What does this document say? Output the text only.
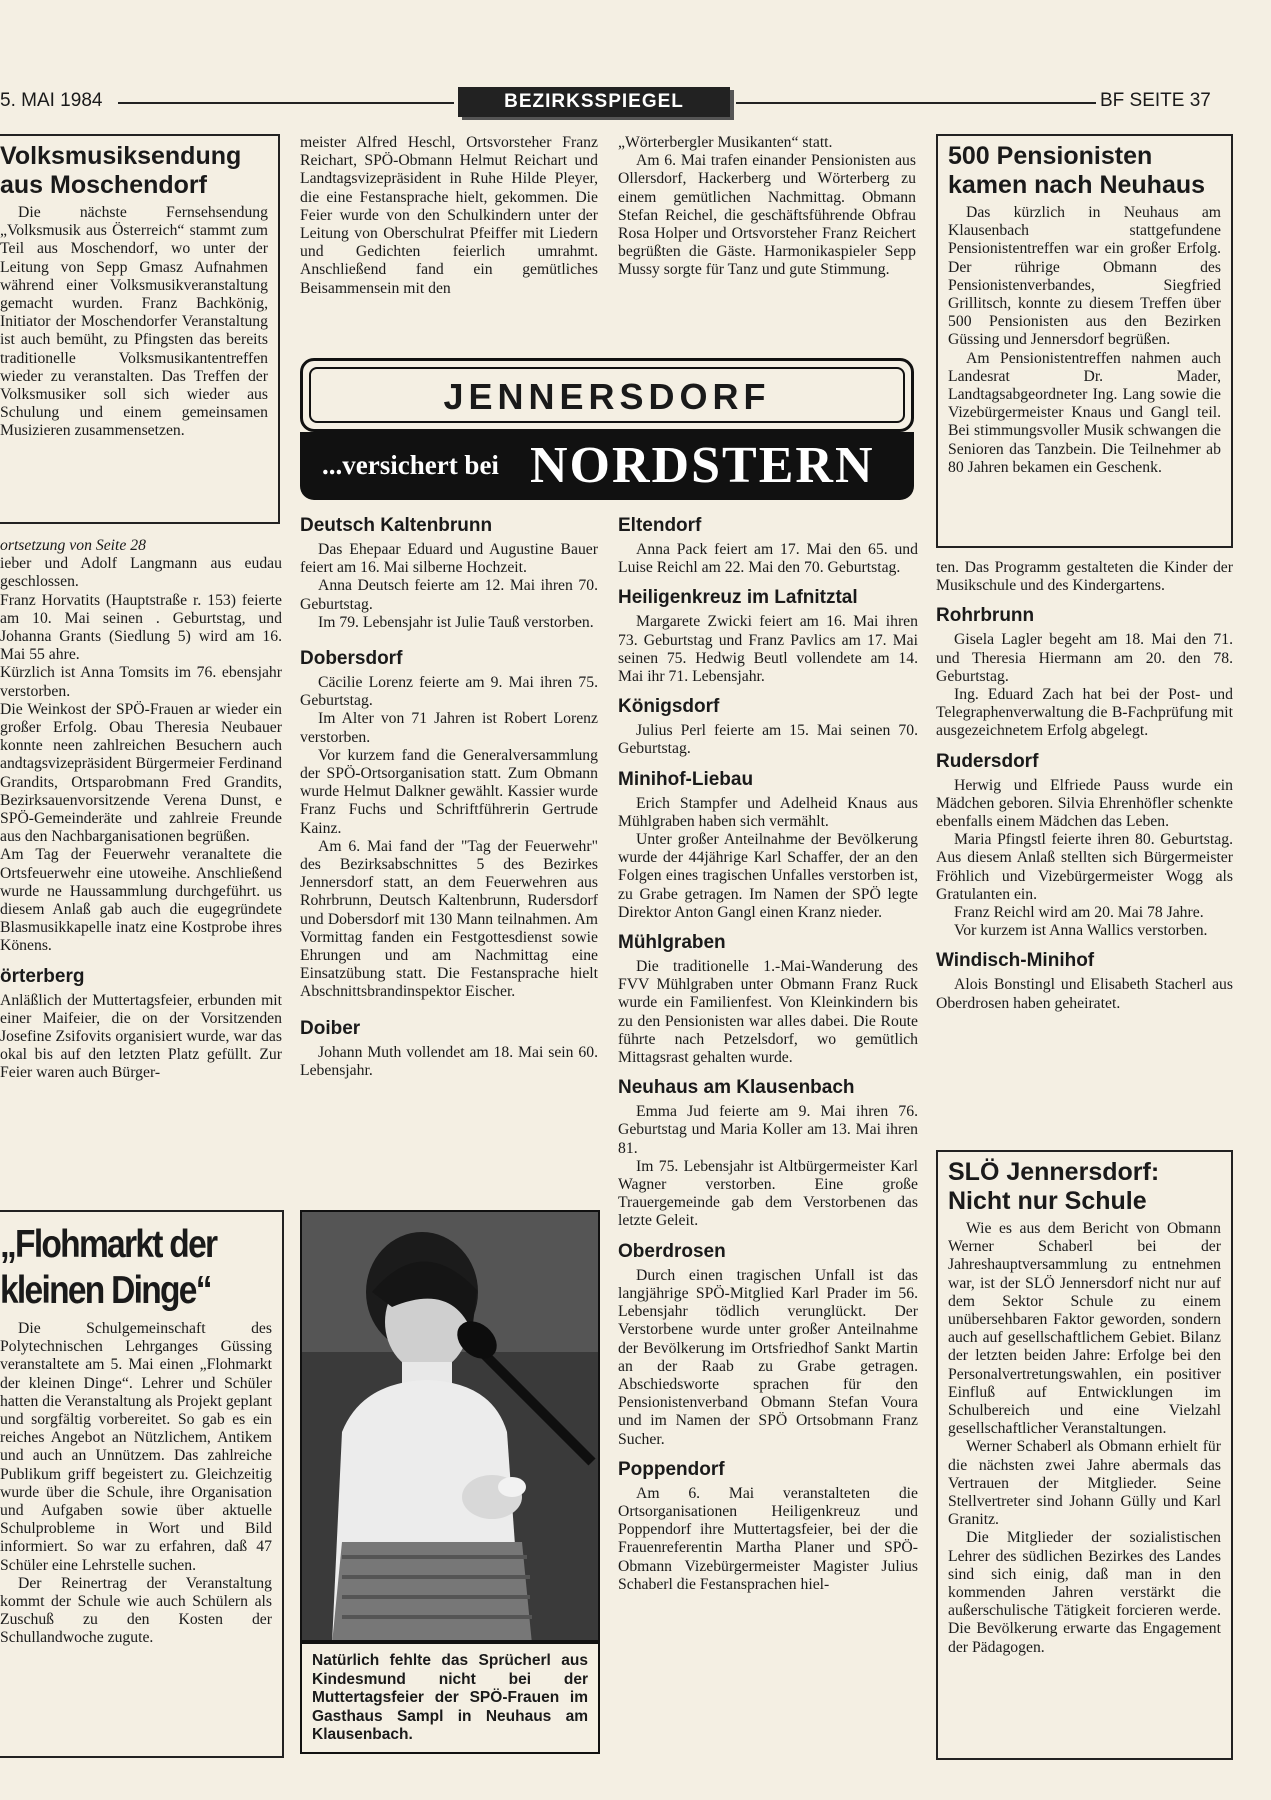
5. MAI 1984	BEZIRKSSPIEGEL	BF SEITE 37
Volksmusiksendung
aus Moschendorf

Die nächste Fernsehsendung „Volksmusik aus Österreich“ stammt zum Teil aus Moschendorf, wo unter der Leitung von Sepp Gmasz Aufnahmen während einer Volksmusikveranstaltung gemacht wurden. Franz Bachkönig, Initiator der Moschendorfer Veranstaltung ist auch bemüht, zu Pfingsten das bereits traditionelle Volksmusikantentreffen wieder zu veranstalten. Das Treffen der Volksmusiker soll sich wieder aus Schulung und einem gemeinsamen Musizieren zusammensetzen.

ortsetzung von Seite 28

ieber und Adolf Langmann aus eudau geschlossen.

Franz Horvatits (Hauptstraße r. 153) feierte am 10. Mai seinen . Geburtstag, und Johanna Grants (Siedlung 5) wird am 16. Mai 55 ahre.

Kürzlich ist Anna Tomsits im 76. ebensjahr verstorben.

Die Weinkost der SPÖ-Frauen ar wieder ein großer Erfolg. Obau Theresia Neubauer konnte neen zahlreichen Besuchern auch andtagsvizepräsident Bürgermeier Ferdinand Grandits, Ortsparobmann Fred Grandits, Bezirksauenvorsitzende Verena Dunst, e SPÖ-Gemeinderäte und zahlreie Freunde aus den Nachbarganisationen begrüßen.

Am Tag der Feuerwehr veranaltete die Ortsfeuerwehr eine utoweihe. Anschließend wurde ne Haussammlung durchgeführt. us diesem Anlaß gab auch die eugegründete Blasmusikkapelle inatz eine Kostprobe ihres Könens.

örterberg

Anläßlich der Muttertagsfeier, erbunden mit einer Maifeier, die on der Vorsitzenden Josefine Zsifovits organisiert wurde, war das okal bis auf den letzten Platz gefüllt. Zur Feier waren auch Bürger-

„Flohmarkt der
kleinen Dinge“

Die Schulgemeinschaft des Polytechnischen Lehrganges Güssing veranstaltete am 5. Mai einen „Flohmarkt der kleinen Dinge“. Lehrer und Schüler hatten die Veranstaltung als Projekt geplant und sorgfältig vorbereitet. So gab es ein reiches Angebot an Nützlichem, Antikem und auch an Unnützem. Das zahlreiche Publikum griff begeistert zu. Gleichzeitig wurde über die Schule, ihre Organisation und Aufgaben sowie über aktuelle Schulprobleme in Wort und Bild informiert. So war zu erfahren, daß 47 Schüler eine Lehrstelle suchen.

Der Reinertrag der Veranstaltung kommt der Schule wie auch Schülern als Zuschuß zu den Kosten der Schullandwoche zugute.

meister Alfred Heschl, Ortsvorsteher Franz Reichart, SPÖ-Obmann Helmut Reichart und Landtagsvizepräsident in Ruhe Hilde Pleyer, die eine Festansprache hielt, gekommen. Die Feier wurde von den Schulkindern unter der Leitung von Oberschulrat Pfeiffer mit Liedern und Gedichten feierlich umrahmt. Anschließend fand ein gemütliches Beisammensein mit den

„Wörterbergler Musikanten“ statt.

Am 6. Mai trafen einander Pensionisten aus Ollersdorf, Hackerberg und Wörterberg zu einem gemütlichen Nachmittag. Obmann Stefan Reichel, die geschäftsführende Obfrau Rosa Holper und Ortsvorsteher Franz Reichert begrüßten die Gäste. Harmonikaspieler Sepp Mussy sorgte für Tanz und gute Stimmung.

JENNERSDORF
...versichert bei NORDSTERN
Deutsch Kaltenbrunn

Das Ehepaar Eduard und Augustine Bauer feiert am 16. Mai silberne Hochzeit.

Anna Deutsch feierte am 12. Mai ihren 70. Geburtstag.

Im 79. Lebensjahr ist Julie Tauß verstorben.

Dobersdorf

Cäcilie Lorenz feierte am 9. Mai ihren 75. Geburtstag.

Im Alter von 71 Jahren ist Robert Lorenz verstorben.

Vor kurzem fand die Generalversammlung der SPÖ-Ortsorganisation statt. Zum Obmann wurde Helmut Dalkner gewählt. Kassier wurde Franz Fuchs und Schriftführerin Gertrude Kainz.

Am 6. Mai fand der "Tag der Feuerwehr" des Bezirksabschnittes 5 des Bezirkes Jennersdorf statt, an dem Feuerwehren aus Rohrbrunn, Deutsch Kaltenbrunn, Rudersdorf und Dobersdorf mit 130 Mann teilnahmen. Am Vormittag fanden ein Festgottesdienst sowie Ehrungen und am Nachmittag eine Einsatzübung statt. Die Festansprache hielt Abschnittsbrandinspektor Eischer.

Doiber

Johann Muth vollendet am 18. Mai sein 60. Lebensjahr.

Natürlich fehlte das Sprücherl aus Kindesmund nicht bei der Muttertagsfeier der SPÖ-Frauen im Gasthaus Sampl in Neuhaus am Klausenbach.
Eltendorf

Anna Pack feiert am 17. Mai den 65. und Luise Reichl am 22. Mai den 70. Geburtstag.

Heiligenkreuz im Lafnitztal

Margarete Zwicki feiert am 16. Mai ihren 73. Geburtstag und Franz Pavlics am 17. Mai seinen 75. Hedwig Beutl vollendete am 14. Mai ihr 71. Lebensjahr.

Königsdorf

Julius Perl feierte am 15. Mai seinen 70. Geburtstag.

Minihof-Liebau

Erich Stampfer und Adelheid Knaus aus Mühlgraben haben sich vermählt.

Unter großer Anteilnahme der Bevölkerung wurde der 44jährige Karl Schaffer, der an den Folgen eines tragischen Unfalles verstorben ist, zu Grabe getragen. Im Namen der SPÖ legte Direktor Anton Gangl einen Kranz nieder.

Mühlgraben

Die traditionelle 1.-Mai-Wanderung des FVV Mühlgraben unter Obmann Franz Ruck wurde ein Familienfest. Von Kleinkindern bis zu den Pensionisten war alles dabei. Die Route führte nach Petzelsdorf, wo gemütlich Mittagsrast gehalten wurde.

Neuhaus am Klausenbach

Emma Jud feierte am 9. Mai ihren 76. Geburtstag und Maria Koller am 13. Mai ihren 81.

Im 75. Lebensjahr ist Altbürgermeister Karl Wagner verstorben. Eine große Trauergemeinde gab dem Verstorbenen das letzte Geleit.

Oberdrosen

Durch einen tragischen Unfall ist das langjährige SPÖ-Mitglied Karl Prader im 56. Lebensjahr tödlich verunglückt. Der Verstorbene wurde unter großer Anteilnahme der Bevölkerung im Ortsfriedhof Sankt Martin an der Raab zu Grabe getragen. Abschiedsworte sprachen für den Pensionistenverband Obmann Stefan Voura und im Namen der SPÖ Ortsobmann Franz Sucher.

Poppendorf

Am 6. Mai veranstalteten die Ortsorganisationen Heiligenkreuz und Poppendorf ihre Muttertagsfeier, bei der die Frauenreferentin Martha Planer und SPÖ-Obmann Vizebürgermeister Magister Julius Schaberl die Festansprachen hiel-

500 Pensionisten
kamen nach Neuhaus

Das kürzlich in Neuhaus am Klausenbach stattgefundene Pensionistentreffen war ein großer Erfolg. Der rührige Obmann des Pensionistenverbandes, Siegfried Grillitsch, konnte zu diesem Treffen über 500 Pensionisten aus den Bezirken Güssing und Jennersdorf begrüßen.

Am Pensionistentreffen nahmen auch Landesrat Dr. Mader, Landtagsabgeordneter Ing. Lang sowie die Vizebürgermeister Knaus und Gangl teil. Bei stimmungsvoller Musik schwangen die Senioren das Tanzbein. Die Teilnehmer ab 80 Jahren bekamen ein Geschenk.

ten. Das Programm gestalteten die Kinder der Musikschule und des Kindergartens.

Rohrbrunn

Gisela Lagler begeht am 18. Mai den 71. und Theresia Hiermann am 20. den 78. Geburtstag.

Ing. Eduard Zach hat bei der Post- und Telegraphenverwaltung die B-Fachprüfung mit ausgezeichnetem Erfolg abgelegt.

Rudersdorf

Herwig und Elfriede Pauss wurde ein Mädchen geboren. Silvia Ehrenhöfler schenkte ebenfalls einem Mädchen das Leben.

Maria Pfingstl feierte ihren 80. Geburtstag. Aus diesem Anlaß stellten sich Bürgermeister Fröhlich und Vizebürgermeister Wogg als Gratulanten ein.

Franz Reichl wird am 20. Mai 78 Jahre.

Vor kurzem ist Anna Wallics verstorben.

Windisch-Minihof

Alois Bonstingl und Elisabeth Stacherl aus Oberdrosen haben geheiratet.

SLÖ Jennersdorf:
Nicht nur Schule

Wie es aus dem Bericht von Obmann Werner Schaberl bei der Jahreshauptversammlung zu entnehmen war, ist der SLÖ Jennersdorf nicht nur auf dem Sektor Schule zu einem unübersehbaren Faktor geworden, sondern auch auf gesellschaftlichem Gebiet. Bilanz der letzten beiden Jahre: Erfolge bei den Personalvertretungswahlen, ein positiver Einfluß auf Entwicklungen im Schulbereich und eine Vielzahl gesellschaftlicher Veranstaltungen.

Werner Schaberl als Obmann erhielt für die nächsten zwei Jahre abermals das Vertrauen der Mitglieder. Seine Stellvertreter sind Johann Gülly und Karl Granitz.

Die Mitglieder der sozialistischen Lehrer des südlichen Bezirkes des Landes sind sich einig, daß man in den kommenden Jahren verstärkt die außerschulische Tätigkeit forcieren werde. Die Bevölkerung erwarte das Engagement der Pädagogen.
